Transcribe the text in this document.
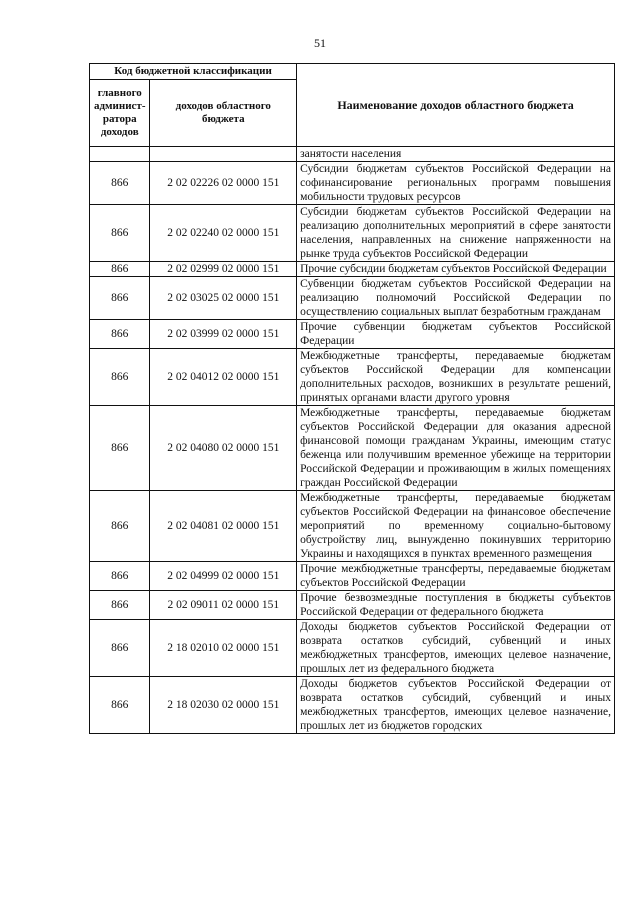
51
Код бюджетной классификации		Наименование доходов областного бюджета
главного админист-ратора доходов	доходов областного бюджета	
		занятости населения
866	2 02 02226 02 0000 151	Субсидии бюджетам субъектов Российской Федерации на софинансирование региональных программ повышения мобильности трудовых ресурсов
866	2 02 02240 02 0000 151	Субсидии бюджетам субъектов Российской Федерации на реализацию дополнительных мероприятий в сфере занятости населения, направленных на снижение напряженности на рынке труда субъектов Российской Федерации
866	2 02 02999 02 0000 151	Прочие субсидии бюджетам субъектов Российской Федерации
866	2 02 03025 02 0000 151	Субвенции бюджетам субъектов Российской Федерации на реализацию полномочий Российской Федерации по осуществлению социальных выплат безработным гражданам
866	2 02 03999 02 0000 151	Прочие субвенции бюджетам субъектов Российской Федерации
866	2 02 04012 02 0000 151	Межбюджетные трансферты, передаваемые бюджетам субъектов Российской Федерации для компенсации дополнительных расходов, возникших в результате решений, принятых органами власти другого уровня
866	2 02 04080 02 0000 151	Межбюджетные трансферты, передаваемые бюджетам субъектов Российской Федерации для оказания адресной финансовой помощи гражданам Украины, имеющим статус беженца или получившим временное убежище на территории Российской Федерации и проживающим в жилых помещениях граждан Российской Федерации
866	2 02 04081 02 0000 151	Межбюджетные трансферты, передаваемые бюджетам субъектов Российской Федерации на финансовое обеспечение мероприятий по временному социально-бытовому обустройству лиц, вынужденно покинувших территорию Украины и находящихся в пунктах временного размещения
866	2 02 04999 02 0000 151	Прочие межбюджетные трансферты, передаваемые бюджетам субъектов Российской Федерации
866	2 02 09011 02 0000 151	Прочие безвозмездные поступления в бюджеты субъектов Российской Федерации от федерального бюджета
866	2 18 02010 02 0000 151	Доходы бюджетов субъектов Российской Федерации от возврата остатков субсидий, субвенций и иных межбюджетных трансфертов, имеющих целевое назначение, прошлых лет из федерального бюджета
866	2 18 02030 02 0000 151	Доходы бюджетов субъектов Российской Федерации от возврата остатков субсидий, субвенций и иных межбюджетных трансфертов, имеющих целевое назначение, прошлых лет из бюджетов городских
